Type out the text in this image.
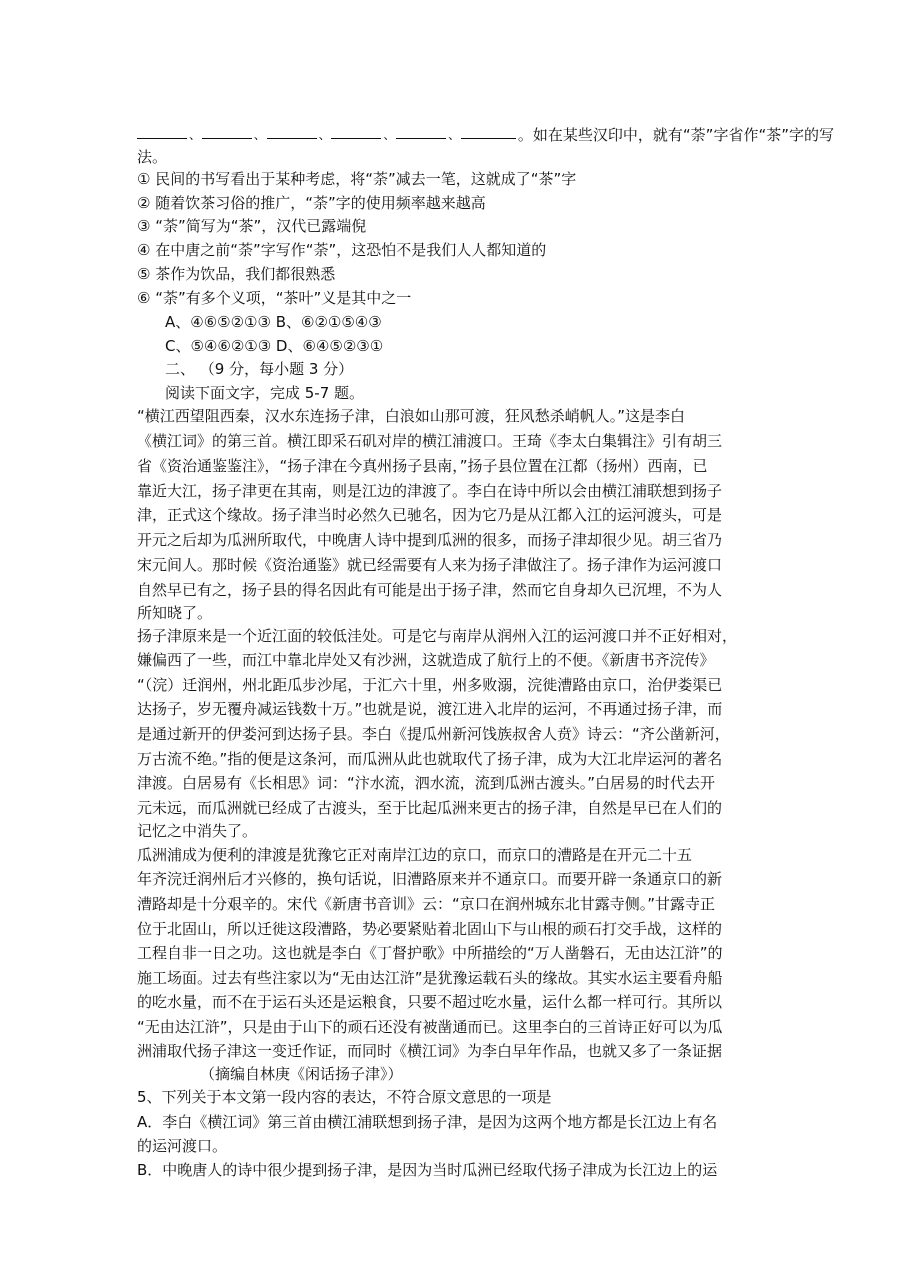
、	、	、	、	、	。如在某些汉印中，就有“荼”字省作“茶”字的写
法。
① 民间的书写看出于某种考虑，将“荼”减去一笔，这就成了“茶”字
② 随着饮茶习俗的推广，“荼”字的使用频率越来越高
③ “荼”简写为“茶”，汉代已露端倪
④ 在中唐之前“荼”字写作“荼”，这恐怕不是我们人人都知道的
⑤ 茶作为饮品，我们都很熟悉
⑥ “荼”有多个义项，“茶叶”义是其中之一
A、④⑥⑤②①③ B、⑥②①⑤④③
C、⑤④⑥②①③ D、⑥④⑤②③①
二、 （9 分，每小题 3 分）
阅读下面文字，完成 5-7 题。
“横江西望阻西秦，汉水东连扬子津，白浪如山那可渡，狂风愁杀峭帆人。”这是李白
《横江词》的第三首。横江即采石矶对岸的横江浦渡口。王琦《李太白集辑注》引有胡三
省《资治通鉴鉴注》，“扬子津在今真州扬子县南，”扬子县位置在江都（扬州）西南，已
靠近大江，扬子津更在其南，则是江边的津渡了。李白在诗中所以会由横江浦联想到扬子
津，正式这个缘故。扬子津当时必然久已驰名，因为它乃是从江都入江的运河渡头，可是
开元之后却为瓜洲所取代，中晚唐人诗中提到瓜洲的很多，而扬子津却很少见。胡三省乃
宋元间人。那时候《资治通鉴》就已经需要有人来为扬子津做注了。扬子津作为运河渡口
自然早已有之，扬子县的得名因此有可能是出于扬子津，然而它自身却久已沉埋，不为人
所知晓了。
扬子津原来是一个近江面的较低洼处。可是它与南岸从润州入江的运河渡口并不正好相对，
嫌偏西了一些，而江中靠北岸处又有沙洲，这就造成了航行上的不便。《新唐书齐浣传》
“（浣）迁润州，州北距瓜步沙尾，于汇六十里，州多败溺，浣徙漕路由京口，治伊娄渠已
达扬子，岁无覆舟减运钱数十万。”也就是说，渡江进入北岸的运河，不再通过扬子津，而
是通过新开的伊娄河到达扬子县。李白《提瓜州新河饯族叔舍人贲》诗云：“齐公凿新河，
万古流不绝。”指的便是这条河，而瓜洲从此也就取代了扬子津，成为大江北岸运河的著名
津渡。白居易有《长相思》词：“汴水流，泗水流，流到瓜洲古渡头。”白居易的时代去开
元未远，而瓜洲就已经成了古渡头，至于比起瓜洲来更古的扬子津，自然是早已在人们的
记忆之中消失了。
瓜洲浦成为便利的津渡是犹豫它正对南岸江边的京口，而京口的漕路是在开元二十五
年齐浣迁润州后才兴修的，换句话说，旧漕路原来并不通京口。而要开辟一条通京口的新
漕路却是十分艰辛的。宋代《新唐书音训》云：“京口在润州城东北甘露寺侧。”甘露寺正
位于北固山，所以迁徙这段漕路，势必要紧贴着北固山下与山根的顽石打交手战，这样的
工程自非一日之功。这也就是李白《丁督护歌》中所描绘的“万人凿磐石，无由达江浒”的
施工场面。过去有些注家以为“无由达江浒”是犹豫运载石头的缘故。其实水运主要看舟船
的吃水量，而不在于运石头还是运粮食，只要不超过吃水量，运什么都一样可行。其所以
“无由达江浒”，只是由于山下的顽石还没有被凿通而已。这里李白的三首诗正好可以为瓜
洲浦取代扬子津这一变迁作证，而同时《横江词》为李白早年作品，也就又多了一条证据
（摘编自林庚《闲话扬子津》）
5、下列关于本文第一段内容的表达，不符合原文意思的一项是
A．李白《横江词》第三首由横江浦联想到扬子津，是因为这两个地方都是长江边上有名
的运河渡口。
B．中晚唐人的诗中很少提到扬子津，是因为当时瓜洲已经取代扬子津成为长江边上的运
